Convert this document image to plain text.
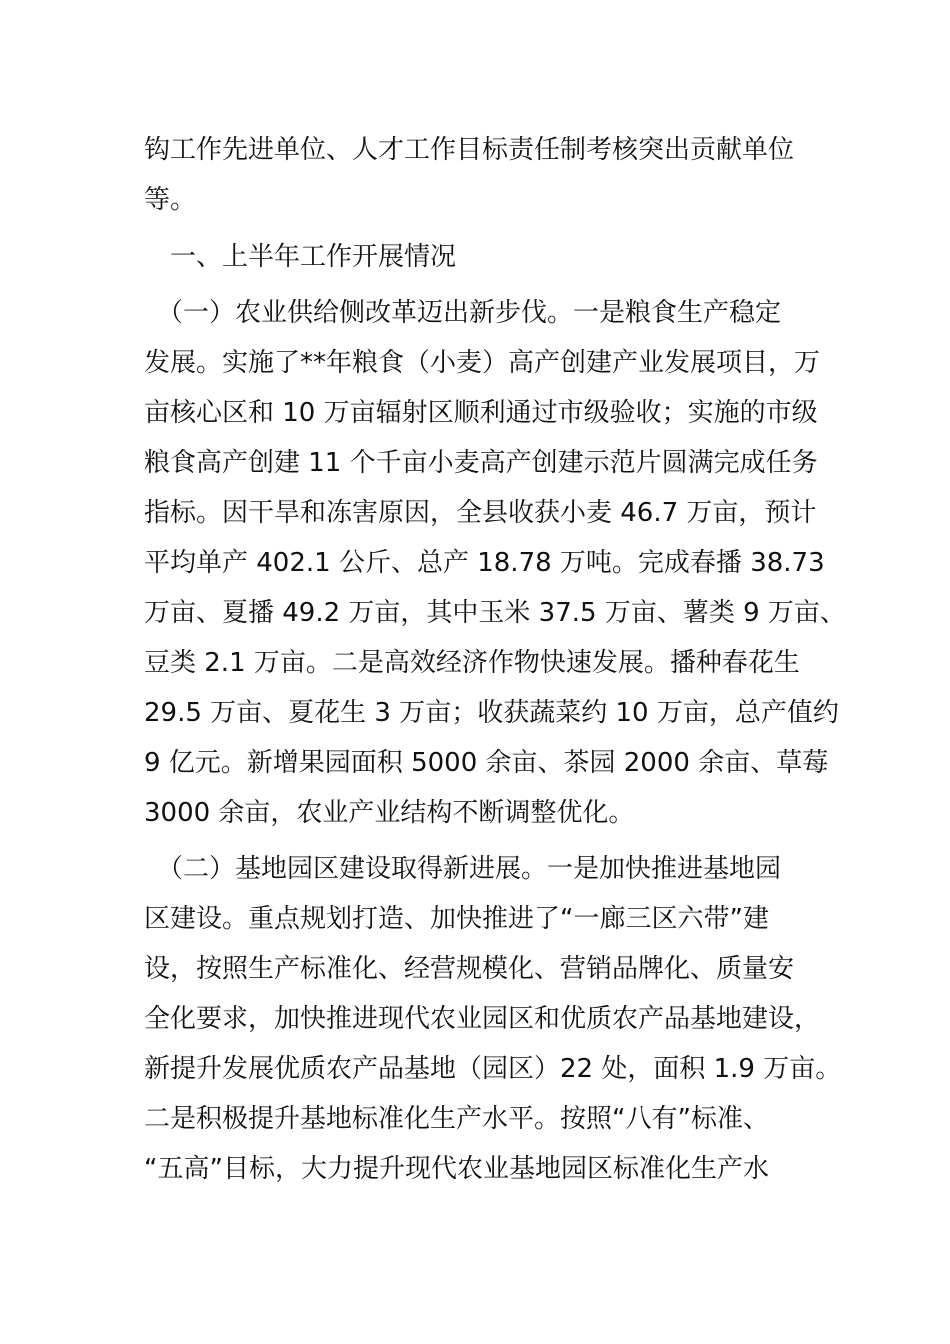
钩工作先进单位、人才工作目标责任制考核突出贡献单位
等。
　一、上半年工作开展情况
　（一）农业供给侧改革迈出新步伐。一是粮食生产稳定
发展。实施了**年粮食（小麦）高产创建产业发展项目，万
亩核心区和 10 万亩辐射区顺利通过市级验收；实施的市级
粮食高产创建 11 个千亩小麦高产创建示范片圆满完成任务
指标。因干旱和冻害原因，全县收获小麦 46.7 万亩，预计
平均单产 402.1 公斤、总产 18.78 万吨。完成春播 38.73
万亩、夏播 49.2 万亩，其中玉米 37.5 万亩、薯类 9 万亩、
豆类 2.1 万亩。二是高效经济作物快速发展。播种春花生
29.5 万亩、夏花生 3 万亩；收获蔬菜约 10 万亩，总产值约
9 亿元。新增果园面积 5000 余亩、茶园 2000 余亩、草莓
3000 余亩，农业产业结构不断调整优化。
　（二）基地园区建设取得新进展。一是加快推进基地园
区建设。重点规划打造、加快推进了“一廊三区六带”建
设，按照生产标准化、经营规模化、营销品牌化、质量安
全化要求，加快推进现代农业园区和优质农产品基地建设，
新提升发展优质农产品基地（园区）22 处，面积 1.9 万亩。
二是积极提升基地标准化生产水平。按照“八有”标准、
“五高”目标，大力提升现代农业基地园区标准化生产水
